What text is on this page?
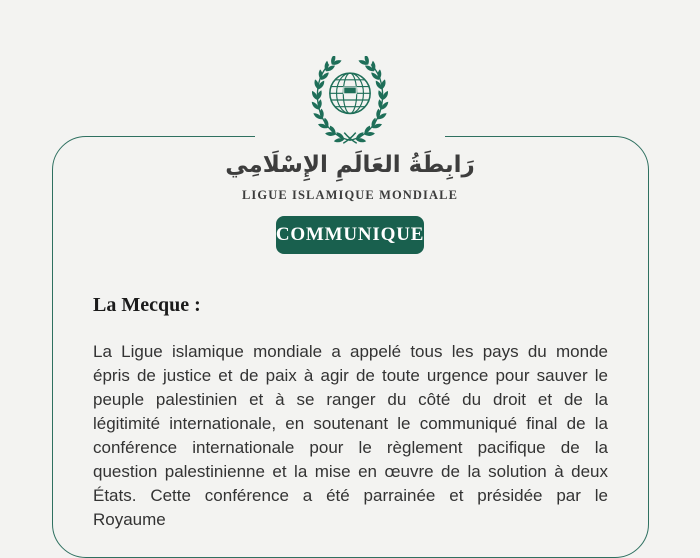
رَابِطَةُ العَالَمِ الإِسْلَامِي
LIGUE ISLAMIQUE MONDIALE
COMMUNIQUE
La Mecque :

La Ligue islamique mondiale a appelé tous les pays du monde épris de justice et de paix à agir de toute urgence pour sauver le peuple palestinien et à se ranger du côté du droit et de la légitimité internationale, en soutenant le communiqué final de la conférence internationale pour le règlement pacifique de la question palestinienne et la mise en œuvre de la solution à deux États. Cette conférence a été parrainée et présidée par le Royaume
